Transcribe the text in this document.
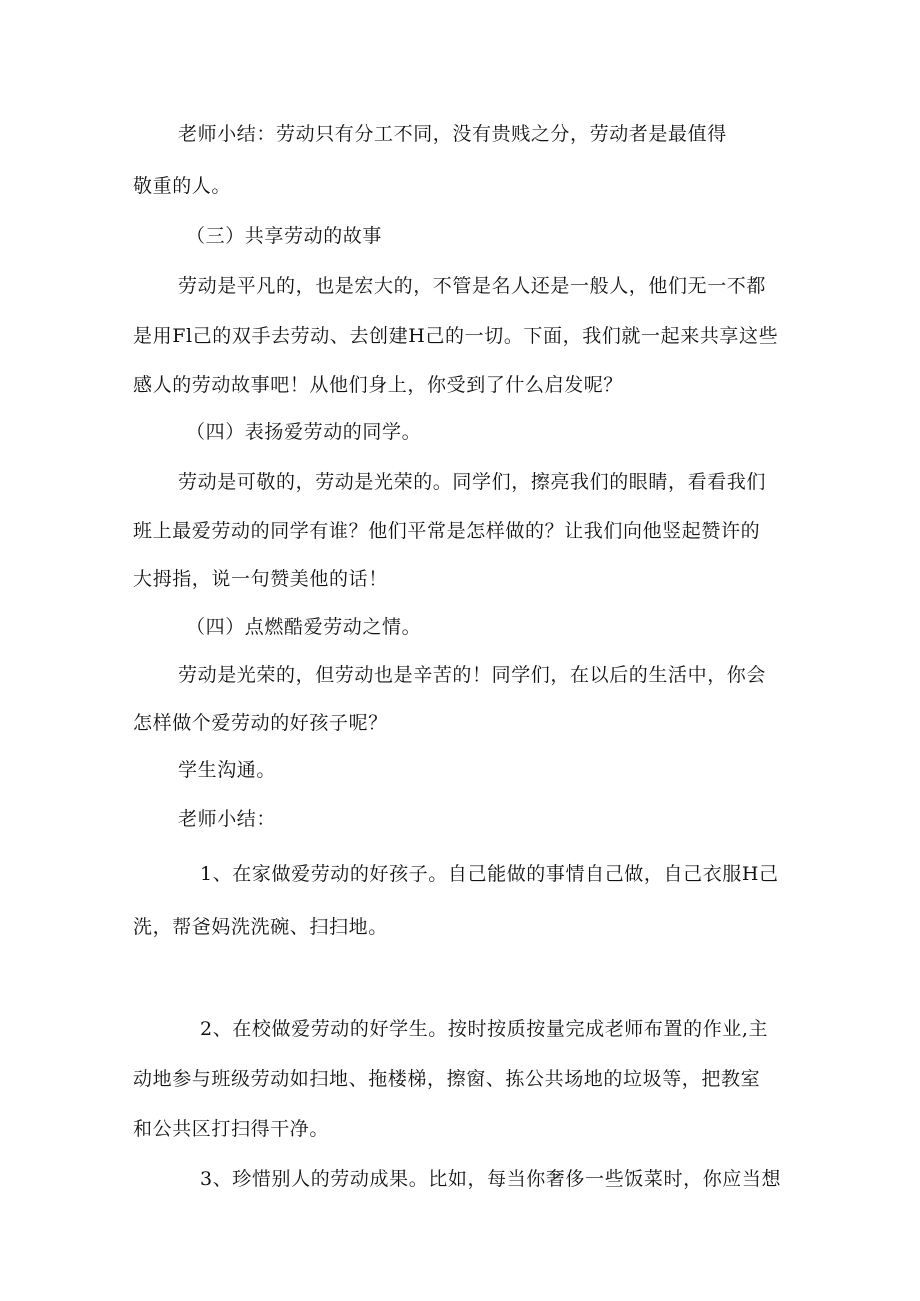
老师小结：劳动只有分工不同，没有贵贱之分，劳动者是最值得
敬重的人。
（三）共享劳动的故事
劳动是平凡的，也是宏大的，不管是名人还是一般人，他们无一不都
是用Fl己的双手去劳动、去创建H己的一切。下面，我们就一起来共享这些
感人的劳动故事吧！从他们身上，你受到了什么启发呢？
（四）表扬爱劳动的同学。
劳动是可敬的，劳动是光荣的。同学们，擦亮我们的眼睛，看看我们
班上最爱劳动的同学有谁？他们平常是怎样做的？让我们向他竖起赞许的
大拇指，说一句赞美他的话！
（四）点燃酷爱劳动之情。
劳动是光荣的，但劳动也是辛苦的！同学们，在以后的生活中，你会
怎样做个爱劳动的好孩子呢？
学生沟通。
老师小结：
1、在家做爱劳动的好孩子。自己能做的事情自己做，自己衣服H己
洗，帮爸妈洗洗碗、扫扫地。
2、在校做爱劳动的好学生。按时按质按量完成老师布置的作业,主
动地参与班级劳动如扫地、拖楼梯，擦窗、拣公共场地的垃圾等，把教室
和公共区打扫得干净。
3、珍惜别人的劳动成果。比如，每当你奢侈一些饭菜时，你应当想
